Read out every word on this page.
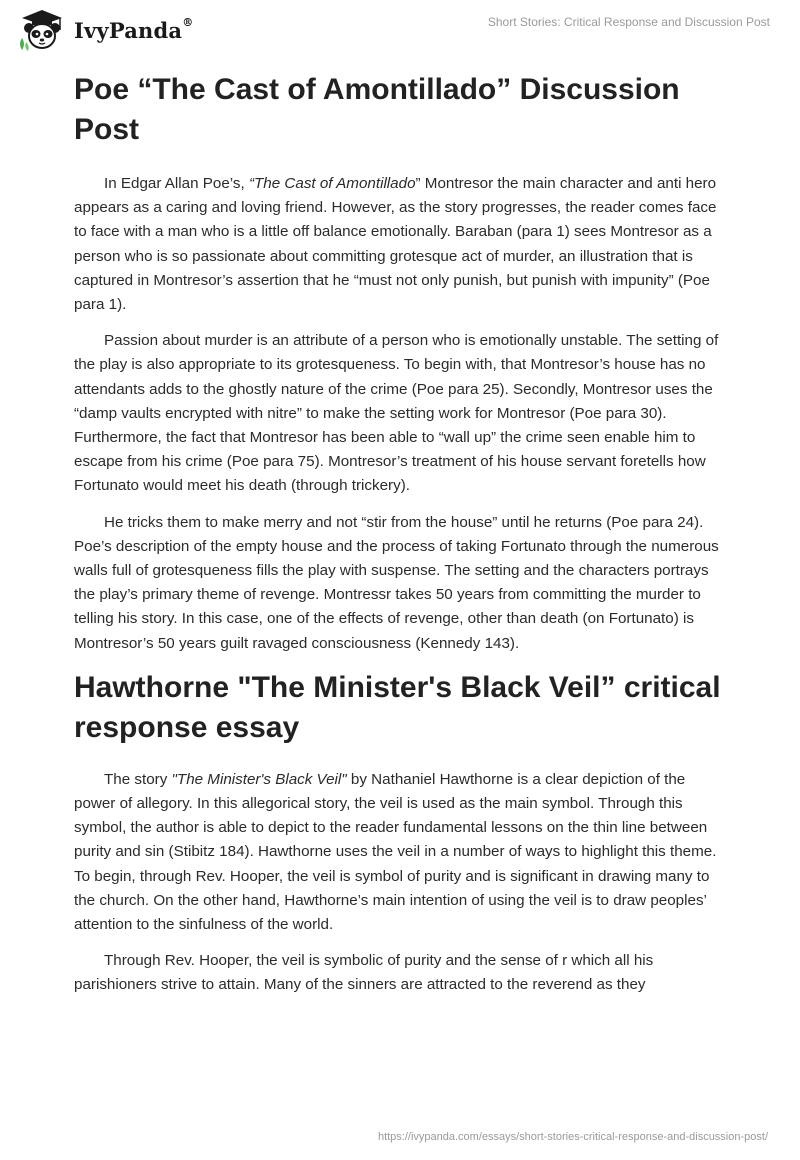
IvyPanda®	Short Stories: Critical Response and Discussion Post
Poe “The Cast of Amontillado” Discussion Post

In Edgar Allan Poe’s, “The Cast of Amontillado” Montresor the main character and anti hero appears as a caring and loving friend. However, as the story progresses, the reader comes face to face with a man who is a little off balance emotionally. Baraban (para 1) sees Montresor as a person who is so passionate about committing grotesque act of murder, an illustration that is captured in Montresor’s assertion that he “must not only punish, but punish with impunity” (Poe para 1).

Passion about murder is an attribute of a person who is emotionally unstable. The setting of the play is also appropriate to its grotesqueness. To begin with, that Montresor’s house has no attendants adds to the ghostly nature of the crime (Poe para 25). Secondly, Montresor uses the “damp vaults encrypted with nitre” to make the setting work for Montresor (Poe para 30). Furthermore, the fact that Montresor has been able to “wall up” the crime seen enable him to escape from his crime (Poe para 75). Montresor’s treatment of his house servant foretells how Fortunato would meet his death (through trickery).

He tricks them to make merry and not “stir from the house” until he returns (Poe para 24). Poe’s description of the empty house and the process of taking Fortunato through the numerous walls full of grotesqueness fills the play with suspense. The setting and the characters portrays the play’s primary theme of revenge. Montressr takes 50 years from committing the murder to telling his story. In this case, one of the effects of revenge, other than death (on Fortunato) is Montresor’s 50 years guilt ravaged consciousness (Kennedy 143).

Hawthorne "The Minister's Black Veil” critical response essay

The story "The Minister's Black Veil" by Nathaniel Hawthorne is a clear depiction of the power of allegory. In this allegorical story, the veil is used as the main symbol. Through this symbol, the author is able to depict to the reader fundamental lessons on the thin line between purity and sin (Stibitz 184). Hawthorne uses the veil in a number of ways to highlight this theme. To begin, through Rev. Hooper, the veil is symbol of purity and is significant in drawing many to the church. On the other hand, Hawthorne’s main intention of using the veil is to draw peoples’ attention to the sinfulness of the world.

Through Rev. Hooper, the veil is symbolic of purity and the sense of r which all his parishioners strive to attain. Many of the sinners are attracted to the reverend as they

https://ivypanda.com/essays/short-stories-critical-response-and-discussion-post/
